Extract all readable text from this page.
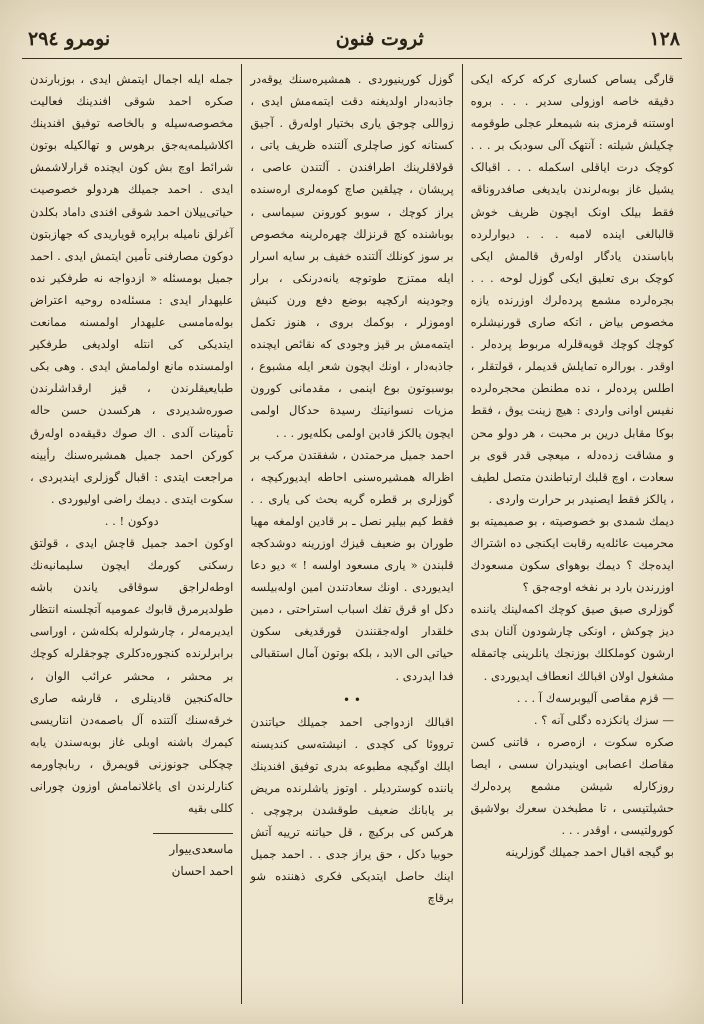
١٢٨
ثروت فنون
نومرو ٢٩٤

قارگی یساص کساری کرکه کرکه ایکی دقیقه خاصه اوزولی سدیر . . . بروه اوستنه قرمزی بنه شیمعلر عجلی طوقومه چکیلش شیلته : آنتهک آلی سودبک بر . . . کوچک درت ایاقلی اسکمله . . . اقبالک یشیل غاز بوبه‌لرندن بایدیغی صافدروناقه فقط بیلک اونک ایچون ظریف خوش قالبالغی اینده لامبه . . . دیوارلرده باباسندن یادگار اولەرق قالمش ایکی کوچک بری تعلیق ایکی گوزل لوحه . . . بجرەلرده مشمع پردەلرك اوزرنده یازه مخصوص بیاض ، اتکه صاری قورنیشلره کوچك کوچك قویه‌قلرله مربوط پردەلر . اوقدر . بورالره تمایلش قدیملر ، قولتقلر ، اطلس پردەلر ، نده مطنطن محجره‌لرده نفیس اوانی واردی : هیچ زینت یوق ، فقط بوکا مقابل درین بر محبت ، هر دولو محن و مشاقت زده‌دله ، میعچی قدر قوی بر سعادت ، اوچ قلبك ارتباطندن متصل لطیف ، یالکز فقط ایصنیدر بر حرارت واردی .

دیمك شمدی بو خصوصیته ، بو صمیمیته بو محرمیت عائله‌یه رقابت ایکنجی ده اشتراك ایده‌جك ؟ دیمك بوهوای سکون مسعودك اوزرندن بارد بر نفخه اوجه‌جق ؟

گوزلری صیق صیق کوچك اکمه‌لینك یانندە دیز چوکش ، اونكی چارشودون آلنان بدی ارشون کوملكلك بوزنجك یانلرینی چاتمقله مشغول اولان اقبالك انعطاف ایدیوردی .

— قزم مقاصی آلیوبرسەك آ . . .

— سزك یانکزده دگلی آنه ؟ .

صکره سکوت ، ازەصره ، قاتنی کسن مقاصك اعصابی اوینیدران سسی ، ایصا روزکارله شیشن مشمع پردەلرك حشیلتیسی ، تا مطبخدن سعرك بولاشیق کورولتیسی ، اوقدر . . .

بو گیجه اقبال احمد جمیلك گوزلرینه

گوزل کورینیوردی . همشیره‌سنك یوقەدر جاذبەدار اولدیغنە دقت ایتمەمش ایدی ، زواللی چوجق یاری بختیار اولەرق . آجیق کستانه کوز صاچلری آلتنده ظریف یاتی ، قولاقلرینك اطرافندن . آلتندن عاصی ، پریشان ، چیلقین صاچ کومەلری ارەسندە یراز کوچك ، سوبو کورونن سیماسی ، بوباشنده کچ قرنزلك چهرەلرینه مخصوص بر سوز کونلك آلتنده خفیف بر سایه اسرار ایله ممتزج طوتوچه یانەدرنکی ، برار وجودینه ارکچیه بوضع دفع ورن کنیش اوموزلر ، بوکمك بروی ، هنوز تکمل ایتمەمش بر قیز وجودی که نقائص ایچنده جاذبەدار ، اونك ایچون شعر ایله مشبوع ، بوسبوتون بوع اینمی ، مقدمانی کورون مزیات نسوانیتك رسیدة حدکال اولمی ایچون یالکز قادین اولمی بکلەیور . . .

احمد جمیل مرحمتدن ، شفقتدن مرکب بر اظراله همشیره‌سنی احاطه ایدیورکیچه ، گوزلری بر قطره گریه بحث کی یاری . . فقط کیم بیلیر نصل ـ بر قادین اولمغه مهیا طوران بو ضعیف قیزك اوزرینه دوشدکجه قلبندن « یاری مسعود اولسه ! » دیو دعا ایدیوردی . اونك سعادتندن امین اولەبیلسه دکل او قرق تفك اسباب استراحتی ، دمین خلقدار اولەجقنندن قورقدیغی سکون حیاتی الی الابد ، بلکه بوتون آمال استقبالی فدا ایدردی .

• •

اقبالك ازدواجی احمد جمیلك حیاتندن ترووئا کی کچدی . انیشتەسی کندیسنه ایلك اوگیچه مطبوعه بدری توفیق افندینك یاننده کوستردیلر . اوتوز یاشلرنده مریض بر یابانك ضعیف طوقشدن برچوچی . هرکس کی برکیچ ، قل حیاتنه ترییه آتش حوبیا دکل ، حق یراز جدی . . احمد جمیل اینك حاصل ایتدیکی فکری ذهننده شو برقاچ

جمله ایله اجمال ایتمش ایدی ، بوزبارندن صکره احمد شوقی افندینك فعالیت مخصوصه‌سیله و بالخاصه توفیق افندینك اکلاشیلمه‌یه‌جق برهوس و تهالکیله بوتون شرائط اوچ بش کون ایچنده قرارلاشمش ایدی . احمد جمیلك هردولو خصوصیت حیاتی‌ییلان احمد شوقی افندی داماد بکلدن آغرلق نامیله براپره قویاریدی که جهازبتون دوکون مصارفنی تأمین ایتمش ایدی . احمد جمیل بومسئله « ازدواجه نه طرفکیر نده علیهدار ایدی : مسئله‌ده روحیه اعتراض بوله‌مامسی علیهدار اولمسنه ممانعت ایتدیکی کی انتله اولدیغی طرفکیر اولمسنده مانع اولمامش ایدی . وهی بکی طبایعیقلرندن ، قیز ارقداشلرندن صورەشدیردی ، هرکسدن حسن حاله تأمینات آلدی . اك صوك دقیقه‌ده اولەرق کورکن احمد جمیل همشیره‌سنك رأیینه مراجعت ایتدی : اقبال گوزلری ایندیردی ، سکوت ایتدی . دیمك راضی اولیوردی .

دوکون ! . .

اوکون احمد جمیل قاچش ایدی ، قولتق رسکنی کورمك ایچون سلیمانیه‌نك اوطه‌لراجق سوقاقی یاندن باشه طولدیرمرق قابوك عمومیه آتچلسنه انتظار ایدیرمەلر ، چارشولرله بکلەشن ، اوراسی برابرلرنده کنجورەدکلری چوجقلرله کوچك بر محشر ، محشر عرائب الوان ، حالەکنجین قادینلری ، قارشه صاری خرقه‌سنك آلتنده آل باصمه‌دن انتاریسی کیمرك باشنه اوبلی غاز بوبه‌سندن یابه چچكلی جونوزنی قویمرق ، ربابچاورمه کنارلرندن ای یاغلانمامش اوزون چورانی کللی بقیه

ماسعدی‌ییوار احمد احسان
